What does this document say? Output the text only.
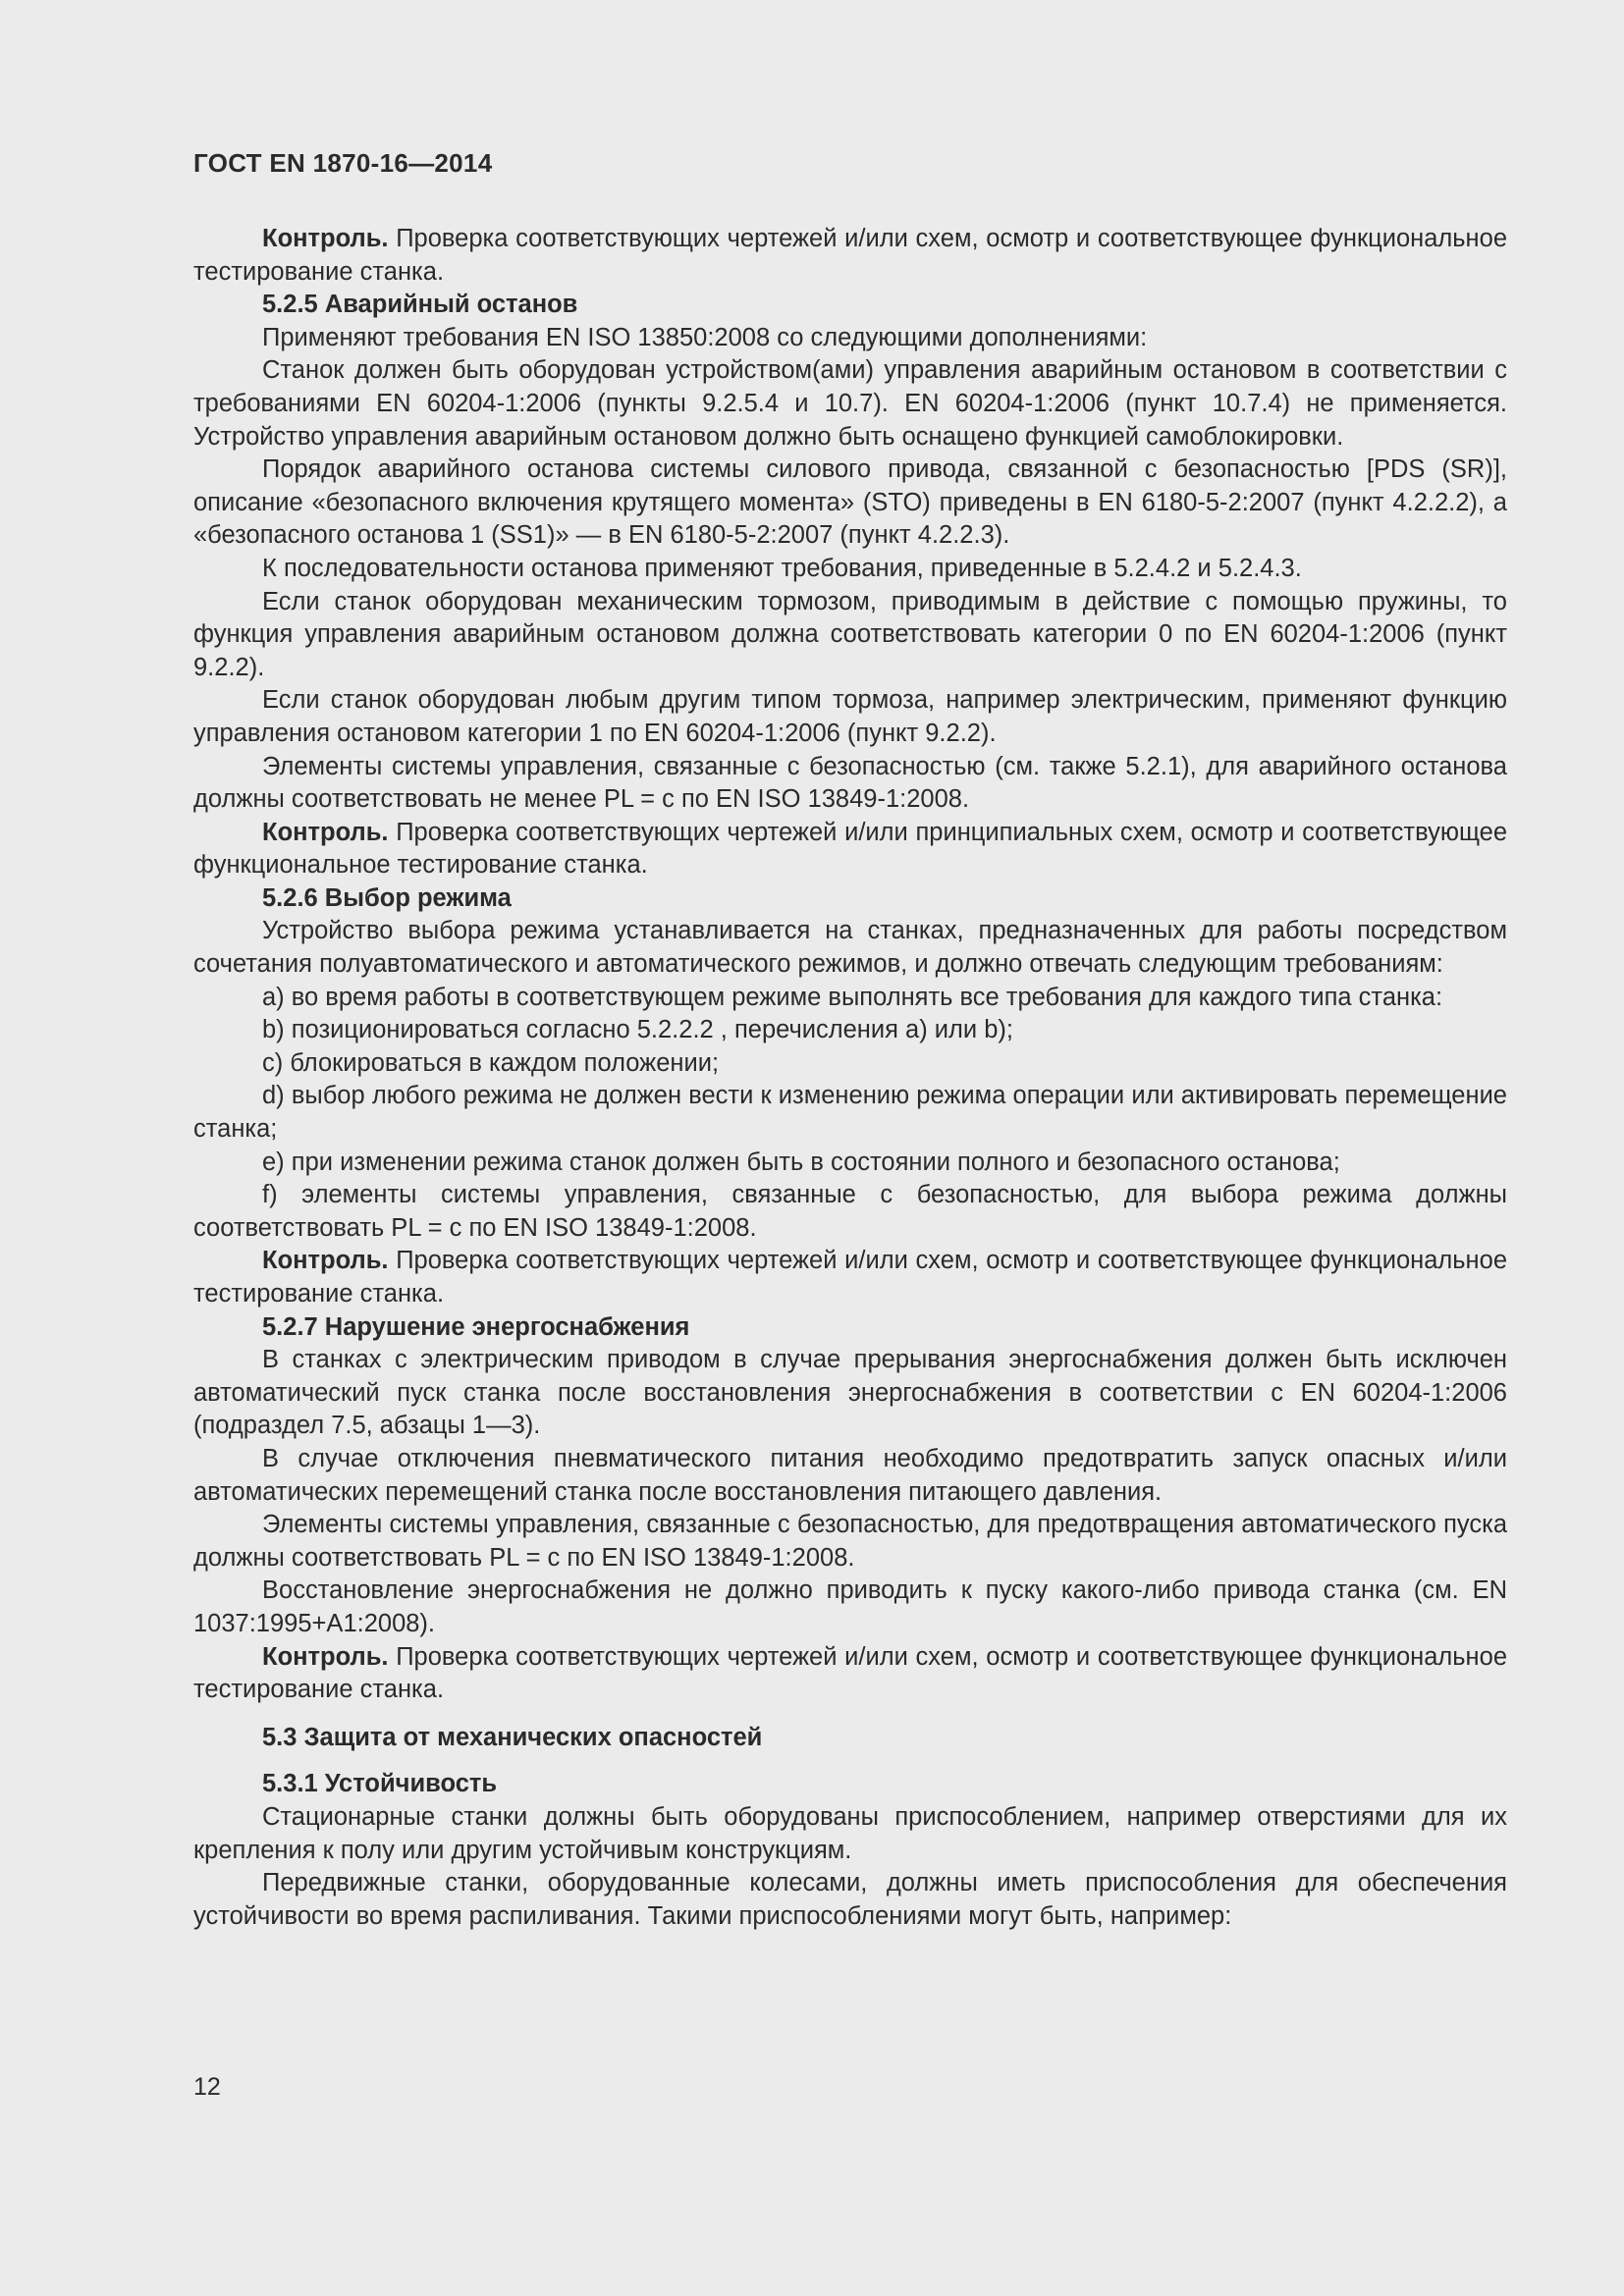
ГОСТ EN 1870-16—2014

Контроль. Проверка соответствующих чертежей и/или схем, осмотр и соответствующее функциональное тестирование станка.

5.2.5 Аварийный останов

Применяют требования EN ISO 13850:2008 со следующими дополнениями:

Станок должен быть оборудован устройством(ами) управления аварийным остановом в соответствии с требованиями EN 60204-1:2006 (пункты 9.2.5.4 и 10.7). EN 60204-1:2006 (пункт 10.7.4) не применяется. Устройство управления аварийным остановом должно быть оснащено функцией самоблокировки.

Порядок аварийного останова системы силового привода, связанной с безопасностью [PDS (SR)], описание «безопасного включения крутящего момента» (STO) приведены в EN 6180-5-2:2007 (пункт 4.2.2.2), а «безопасного останова 1 (SS1)» — в EN 6180-5-2:2007 (пункт 4.2.2.3).

К последовательности останова применяют требования, приведенные в 5.2.4.2 и 5.2.4.3.

Если станок оборудован механическим тормозом, приводимым в действие с помощью пружины, то функция управления аварийным остановом должна соответствовать категории 0 по EN 60204-1:2006 (пункт 9.2.2).

Если станок оборудован любым другим типом тормоза, например электрическим, применяют функцию управления остановом категории 1 по EN 60204-1:2006 (пункт 9.2.2).

Элементы системы управления, связанные с безопасностью (см. также 5.2.1), для аварийного останова должны соответствовать не менее PL = с по EN ISO 13849-1:2008.

Контроль. Проверка соответствующих чертежей и/или принципиальных схем, осмотр и соответствующее функциональное тестирование станка.

5.2.6 Выбор режима

Устройство выбора режима устанавливается на станках, предназначенных для работы посредством сочетания полуавтоматического и автоматического режимов, и должно отвечать следующим требованиям:

a) во время работы в соответствующем режиме выполнять все требования для каждого типа станка:

b) позиционироваться согласно 5.2.2.2 , перечисления a) или b);

c) блокироваться в каждом положении;

d) выбор любого режима не должен вести к изменению режима операции или активировать перемещение станка;

e) при изменении режима станок должен быть в состоянии полного и безопасного останова;

f) элементы системы управления, связанные с безопасностью, для выбора режима должны соответствовать PL = с по EN ISO 13849-1:2008.

Контроль. Проверка соответствующих чертежей и/или схем, осмотр и соответствующее функциональное тестирование станка.

5.2.7 Нарушение энергоснабжения

В станках с электрическим приводом в случае прерывания энергоснабжения должен быть исключен автоматический пуск станка после восстановления энергоснабжения в соответствии с EN 60204-1:2006 (подраздел 7.5, абзацы 1—3).

В случае отключения пневматического питания необходимо предотвратить запуск опасных и/или автоматических перемещений станка после восстановления питающего давления.

Элементы системы управления, связанные с безопасностью, для предотвращения автоматического пуска должны соответствовать PL = с по EN ISO 13849-1:2008.

Восстановление энергоснабжения не должно приводить к пуску какого-либо привода станка (см. EN 1037:1995+A1:2008).

Контроль. Проверка соответствующих чертежей и/или схем, осмотр и соответствующее функциональное тестирование станка.

5.3 Защита от механических опасностей
5.3.1 Устойчивость

Стационарные станки должны быть оборудованы приспособлением, например отверстиями для их крепления к полу или другим устойчивым конструкциям.

Передвижные станки, оборудованные колесами, должны иметь приспособления для обеспечения устойчивости во время распиливания. Такими приспособлениями могут быть, например:

12
